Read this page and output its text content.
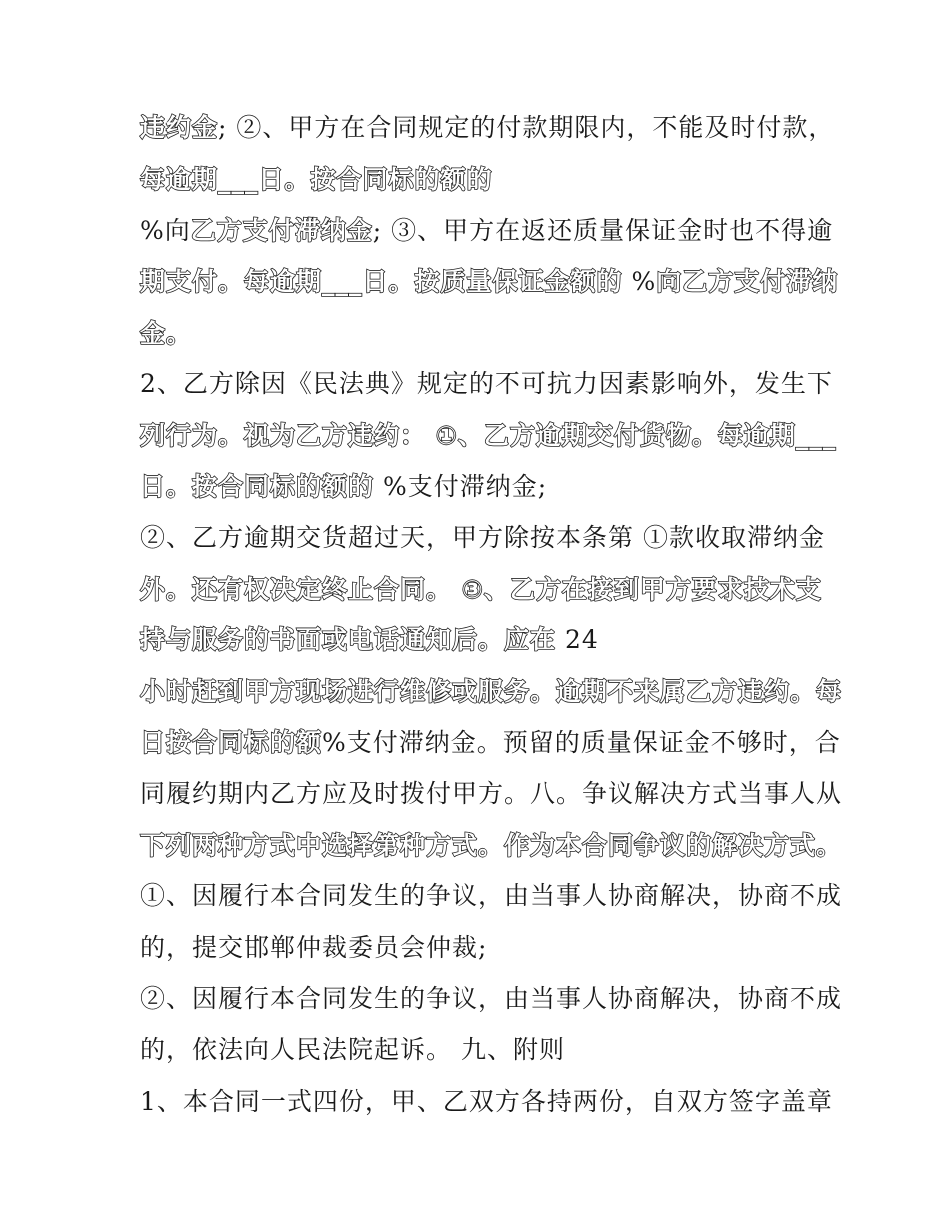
违约金; ②、甲方在合同规定的付款期限内，不能及时付款，
每逾期___日。按合同标的额的
%向乙方支付滞纳金; ③、甲方在返还质量保证金时也不得逾
期支付。每逾期___日。按质量保证金额的 %向乙方支付滞纳
金。
2、乙方除因《民法典》规定的不可抗力因素影响外，发生下
列行为。视为乙方违约： ①、乙方逾期交付货物。每逾期___
日。按合同标的额的 %支付滞纳金;
②、乙方逾期交货超过天，甲方除按本条第 ①款收取滞纳金
外。还有权决定终止合同。 ③、乙方在接到甲方要求技术支
持与服务的书面或电话通知后。应在 24
小时赶到甲方现场进行维修或服务。逾期不来属乙方违约。每
日按合同标的额%支付滞纳金。预留的质量保证金不够时，合
同履约期内乙方应及时拨付甲方。八。争议解决方式当事人从
下列两种方式中选择第种方式。作为本合同争议的解决方式。
①、因履行本合同发生的争议，由当事人协商解决，协商不成
的，提交邯郸仲裁委员会仲裁;
②、因履行本合同发生的争议，由当事人协商解决，协商不成
的，依法向人民法院起诉。 九、附则
1、本合同一式四份，甲、乙双方各持两份，自双方签字盖章
